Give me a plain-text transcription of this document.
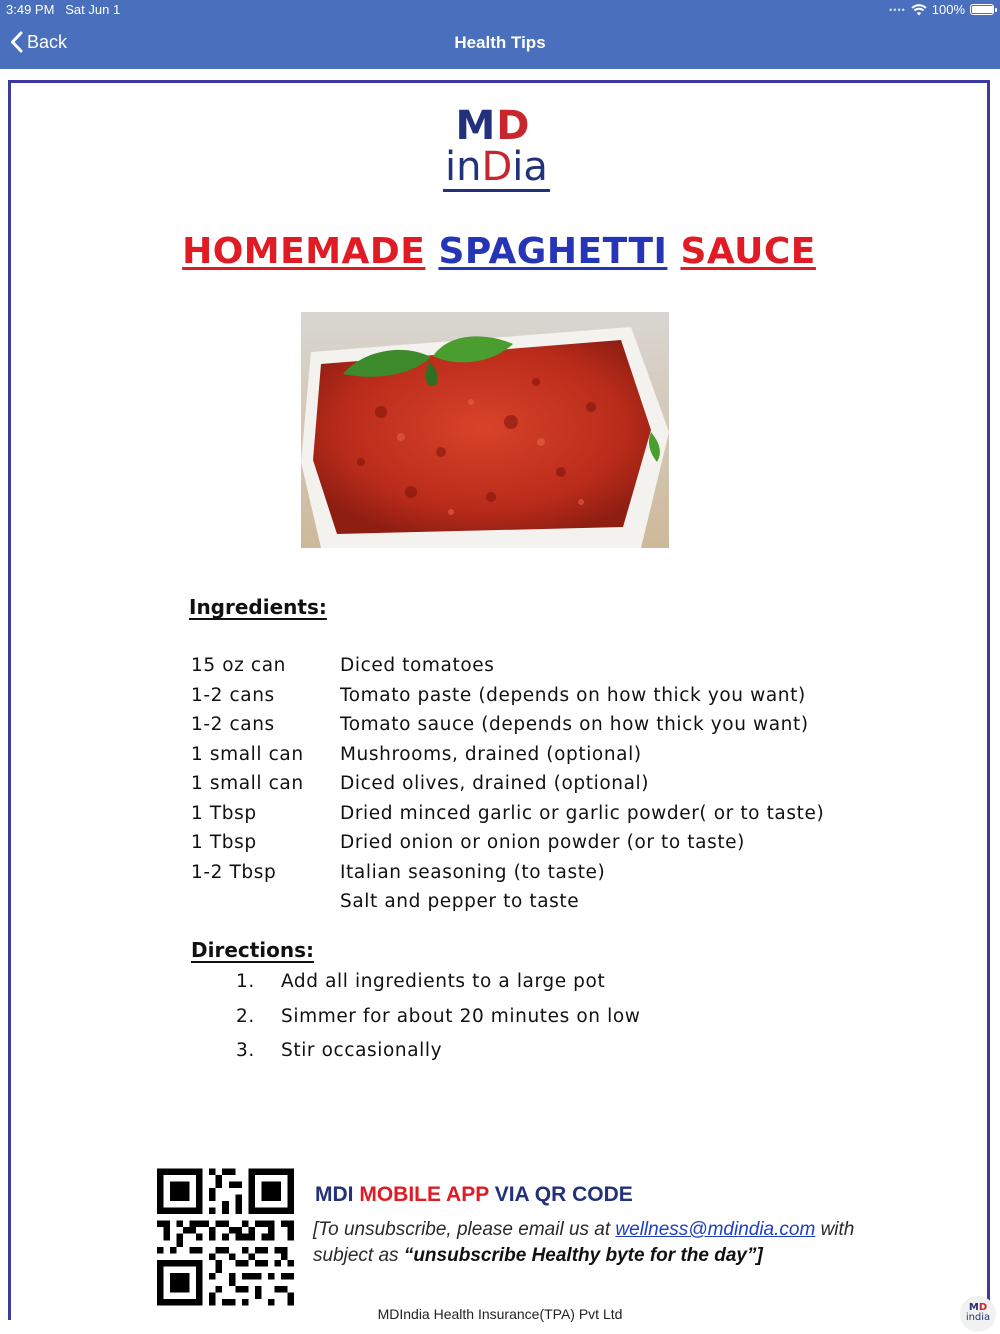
3:49 PM Sat Jun 1	•••• 100%
Back	Health Tips
MD
inDia
HOMEMADE SPAGHETTI SAUCE
Ingredients:
15 oz can	Diced tomatoes
1-2 cans	Tomato paste (depends on how thick you want)
1-2 cans	Tomato sauce (depends on how thick you want)
1 small can Mushrooms, drained (optional)
1 small can Diced olives, drained (optional)
1 Tbsp	Dried minced garlic or garlic powder( or to taste)
1 Tbsp	Dried onion or onion powder (or to taste)
1-2 Tbsp	Italian seasoning (to taste)
Salt and pepper to taste
Directions:
1. Add all ingredients to a large pot
2. Simmer for about 20 minutes on low
3. Stir occasionally
MDI MOBILE APP VIA QR CODE
[To unsubscribe, please email us at wellness@mdindia.com with subject as “unsubscribe Healthy byte for the day”]
MDIndia Health Insurance(TPA) Pvt Ltd	MD
india
